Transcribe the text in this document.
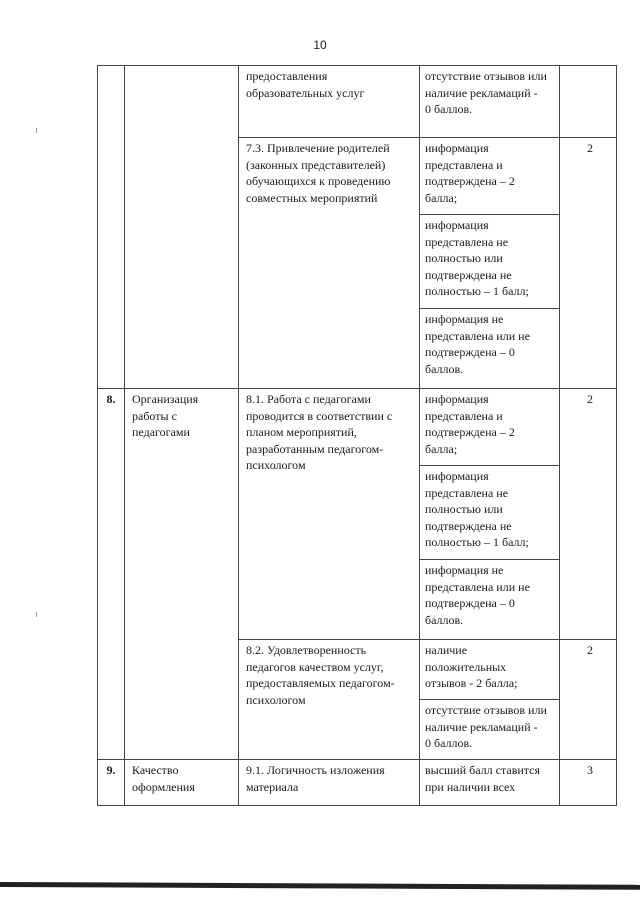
10
предоставления
образовательных услуг
отсутствие отзывов или
наличие рекламаций -
0 баллов.
7.3. Привлечение родителей
(законных представителей)
обучающихся к проведению
совместных мероприятий
информация
представлена и
подтверждена – 2
балла;
информация
представлена не
полностью или
подтверждена не
полностью – 1 балл;
информация не
представлена или не
подтверждена – 0
баллов.
2
8.	Организация
работы с
педагогами
8.1. Работа с педагогами
проводится в соответствии с
планом мероприятий,
разработанным педагогом-
психологом
информация
представлена и
подтверждена – 2
балла;
информация
представлена не
полностью или
подтверждена не
полностью – 1 балл;
информация не
представлена или не
подтверждена – 0
баллов.
2
8.2. Удовлетворенность
педагогов качеством услуг,
предоставляемых педагогом-
психологом
наличие
положительных
отзывов - 2 балла;
отсутствие отзывов или
наличие рекламаций -
0 баллов.
2
9.	Качество
оформления
9.1. Логичность изложения
материала
высший балл ставится
при наличии всех
3
